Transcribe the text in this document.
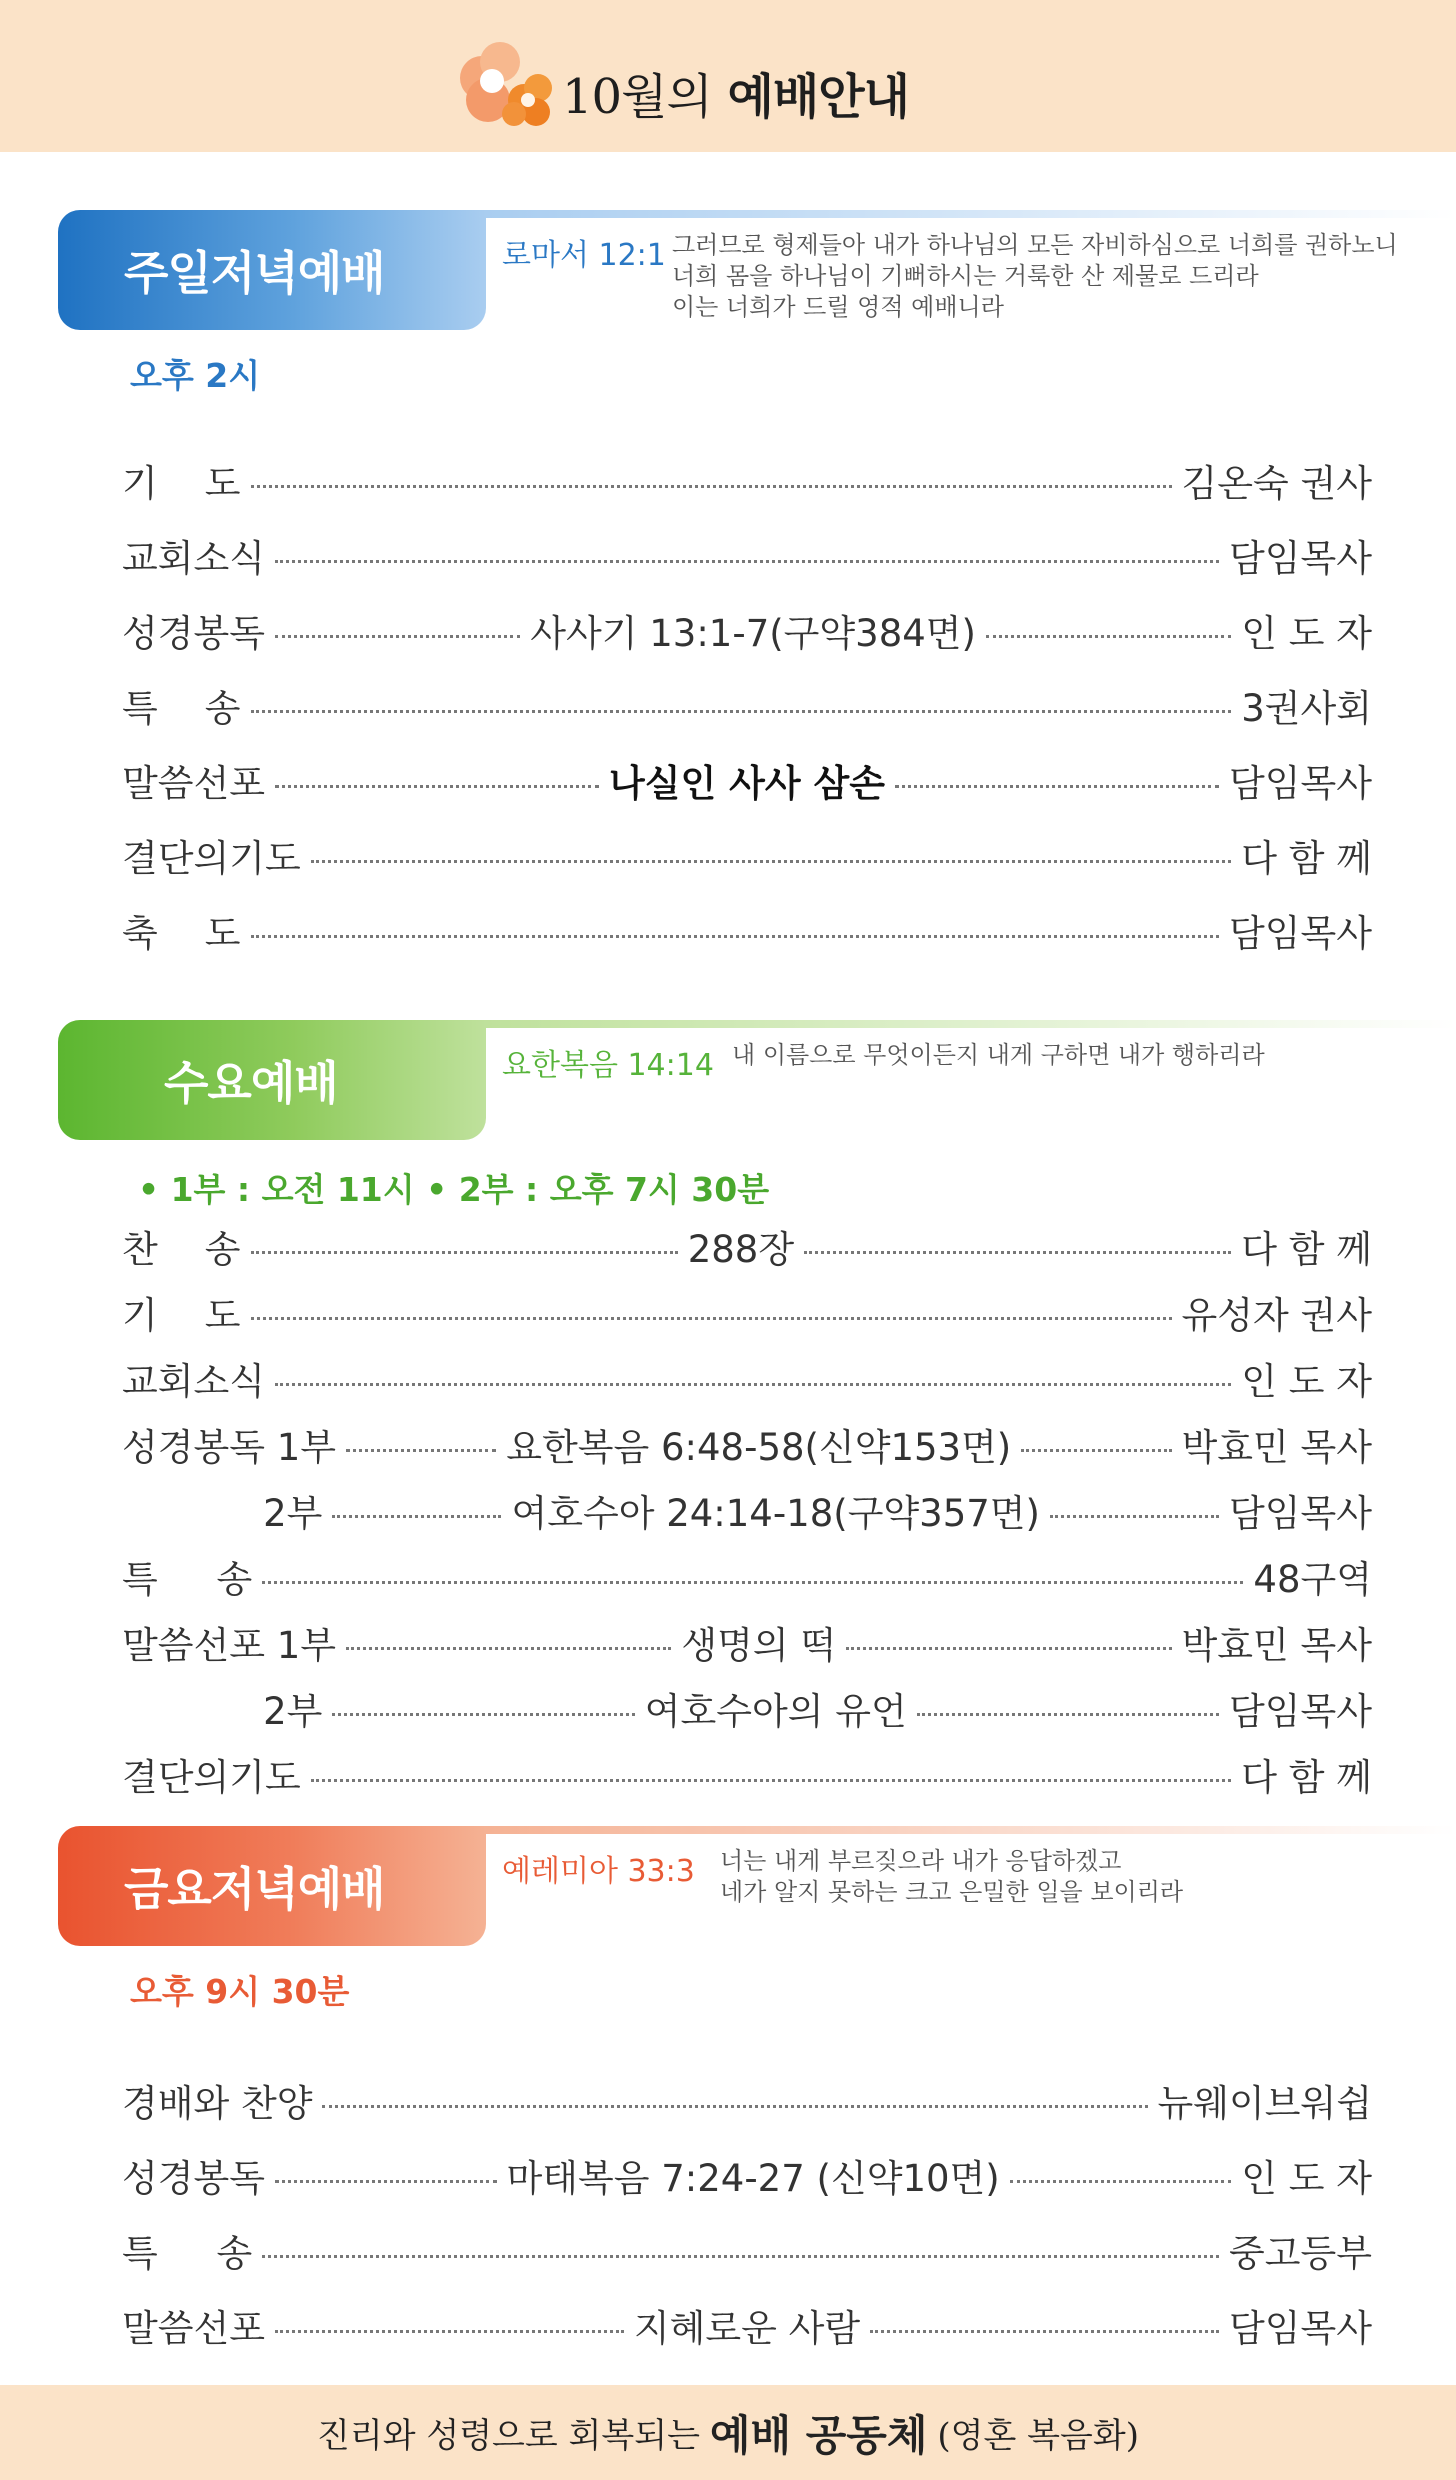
10월의 예배안내
주일저녁예배	로마서 12:1 그러므로 형제들아 내가 하나님의 모든 자비하심으로 너희를 권하노니
너희 몸을 하나님이 기뻐하시는 거룩한 산 제물로 드리라
이는 너희가 드릴 영적 예배니라
오후 2시
기    도	김온숙 권사
교회소식	담임목사
성경봉독	사사기 13:1-7(구약384면)	인 도 자
특    송	3권사회
말씀선포	나실인 사사 삼손	담임목사
결단의기도	다 함 께
축    도	담임목사
수요예배	요한복음 14:14 내 이름으로 무엇이든지 내게 구하면 내가 행하리라
• 1부 : 오전 11시 • 2부 : 오후 7시 30분
찬    송	288장	다 함 께
기    도	유성자 권사
교회소식	인 도 자
성경봉독 1부	요한복음 6:48-58(신약153면)	박효민 목사
2부	여호수아 24:14-18(구약357면)	담임목사
특     송	48구역
말씀선포 1부	생명의 떡	박효민 목사
2부	여호수아의 유언	담임목사
결단의기도	다 함 께
금요저녁예배	예레미아 33:3 너는 내게 부르짖으라 내가 응답하겠고
네가 알지 못하는 크고 은밀한 일을 보이리라
오후 9시 30분
경배와 찬양	뉴웨이브워쉽
성경봉독	마태복음 7:24-27 (신약10면)	인 도 자
특     송	중고등부
말씀선포	지혜로운 사람	담임목사
진리와 성령으로 회복되는 예배 공동체 (영혼 복음화)
